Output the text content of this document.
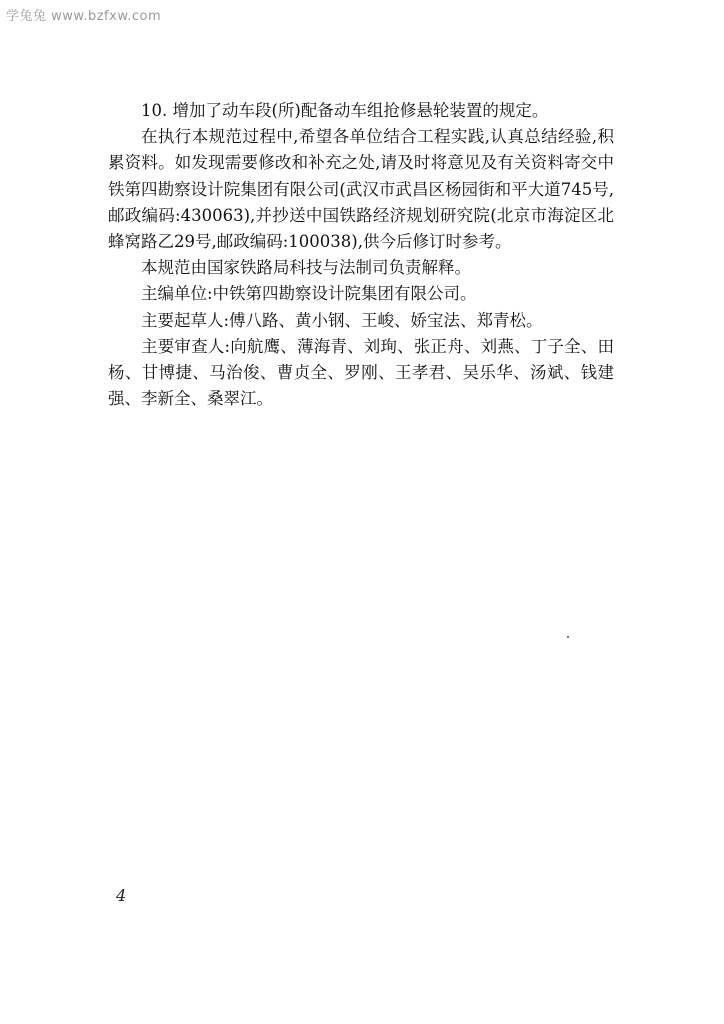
学兔兔 www.bzfxw.com

10. 增加了动车段(所)配备动车组抢修悬轮装置的规定。

在执行本规范过程中,希望各单位结合工程实践,认真总结经验,积累资料。如发现需要修改和补充之处,请及时将意见及有关资料寄交中铁第四勘察设计院集团有限公司(武汉市武昌区杨园街和平大道745号,邮政编码:430063),并抄送中国铁路经济规划研究院(北京市海淀区北蜂窝路乙29号,邮政编码:100038),供今后修订时参考。

本规范由国家铁路局科技与法制司负责解释。

主编单位:中铁第四勘察设计院集团有限公司。

主要起草人:傅八路、黄小钢、王峻、娇宝法、郑青松。

主要审查人:向航鹰、薄海青、刘珣、张正舟、刘燕、丁子全、田杨、甘博捷、马治俊、曹贞全、罗刚、王孝君、吴乐华、汤斌、钱建强、李新全、桑翠江。

4
